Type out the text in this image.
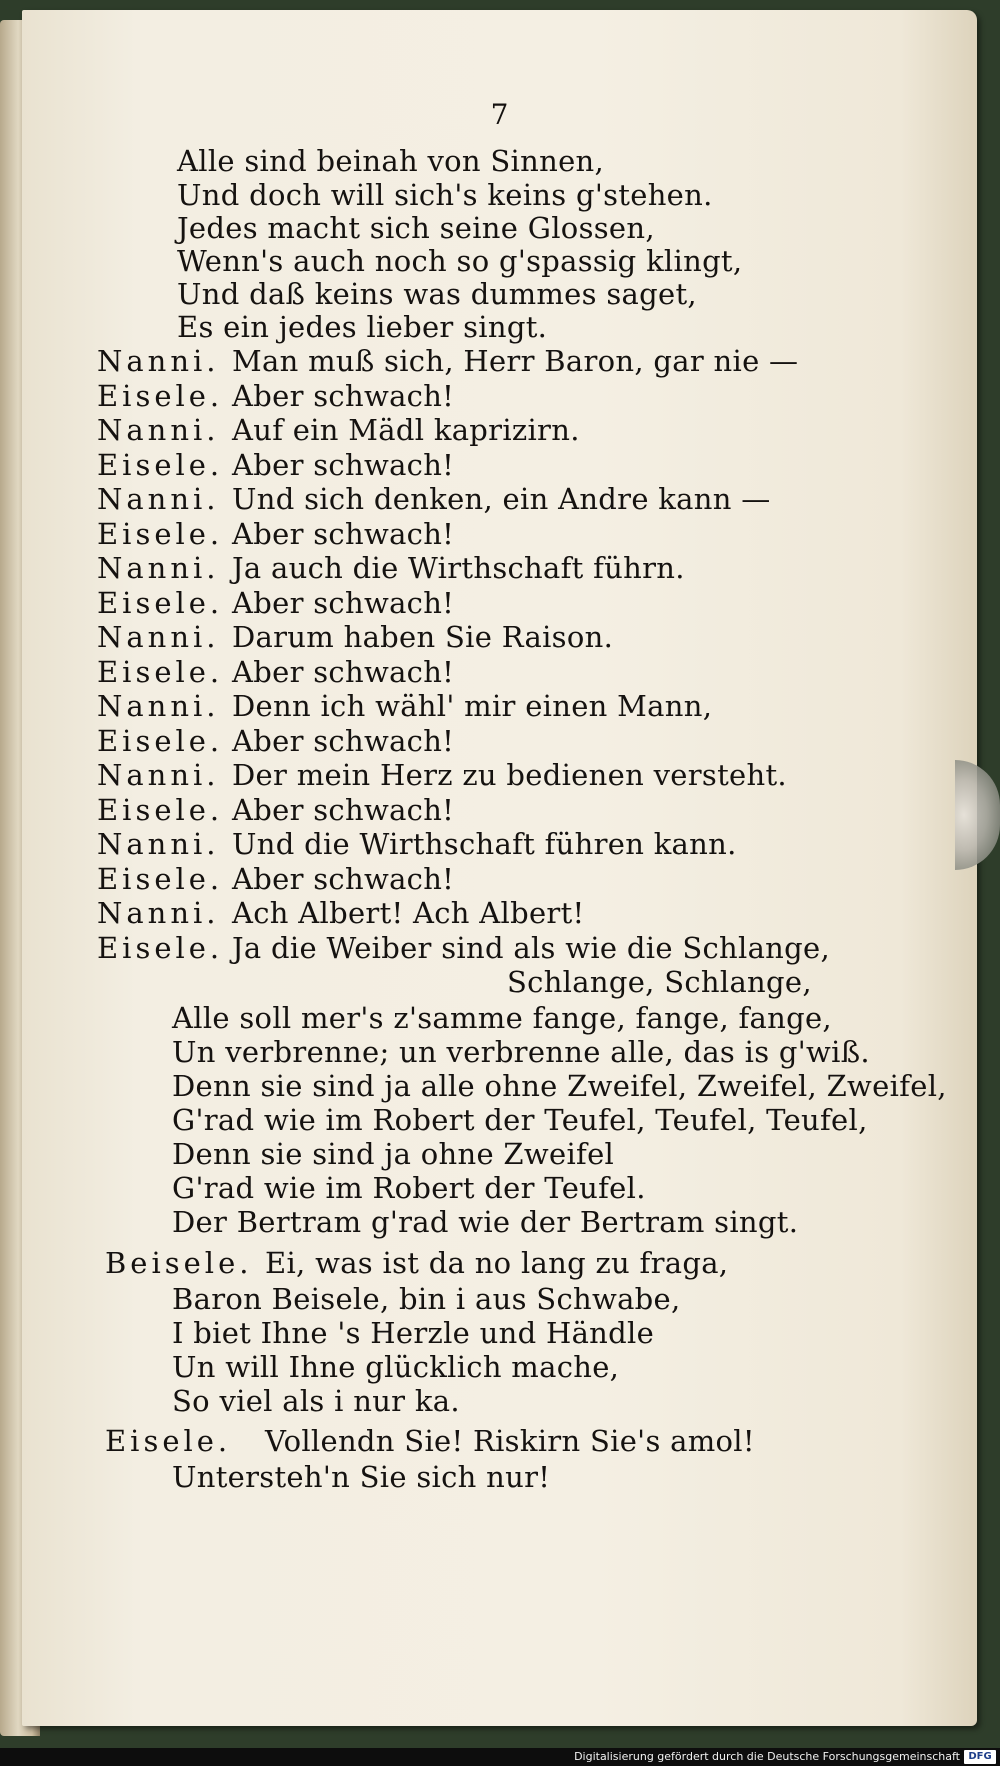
7
Alle sind beinah von Sinnen,
Und doch will sich's keins g'stehen.
Jedes macht sich seine Glossen,
Wenn's auch noch so g'spassig klingt,
Und daß keins was dummes saget,
Es ein jedes lieber singt.
Nanni. Man muß sich, Herr Baron, gar nie —
Eisele. Aber schwach!
Nanni. Auf ein Mädl kaprizirn.
Eisele. Aber schwach!
Nanni. Und sich denken, ein Andre kann —
Eisele. Aber schwach!
Nanni. Ja auch die Wirthschaft führn.
Eisele. Aber schwach!
Nanni. Darum haben Sie Raison.
Eisele. Aber schwach!
Nanni. Denn ich wähl' mir einen Mann,
Eisele. Aber schwach!
Nanni. Der mein Herz zu bedienen versteht.
Eisele. Aber schwach!
Nanni. Und die Wirthschaft führen kann.
Eisele. Aber schwach!
Nanni. Ach Albert! Ach Albert!
Eisele. Ja die Weiber sind als wie die Schlange,
Schlange, Schlange,
Alle soll mer's z'samme fange, fange, fange,
Un verbrenne; un verbrenne alle, das is g'wiß.
Denn sie sind ja alle ohne Zweifel, Zweifel, Zweifel,
G'rad wie im Robert der Teufel, Teufel, Teufel,
Denn sie sind ja ohne Zweifel
G'rad wie im Robert der Teufel.
Der Bertram g'rad wie der Bertram singt.
Beisele. Ei, was ist da no lang zu fraga,
Baron Beisele, bin i aus Schwabe,
I biet Ihne 's Herzle und Händle
Un will Ihne glücklich mache,
So viel als i nur ka.
Eisele. Vollendn Sie! Riskirn Sie's amol!
Untersteh'n Sie sich nur!
Digitalisierung gefördert durch die Deutsche Forschungsgemeinschaft DFG
